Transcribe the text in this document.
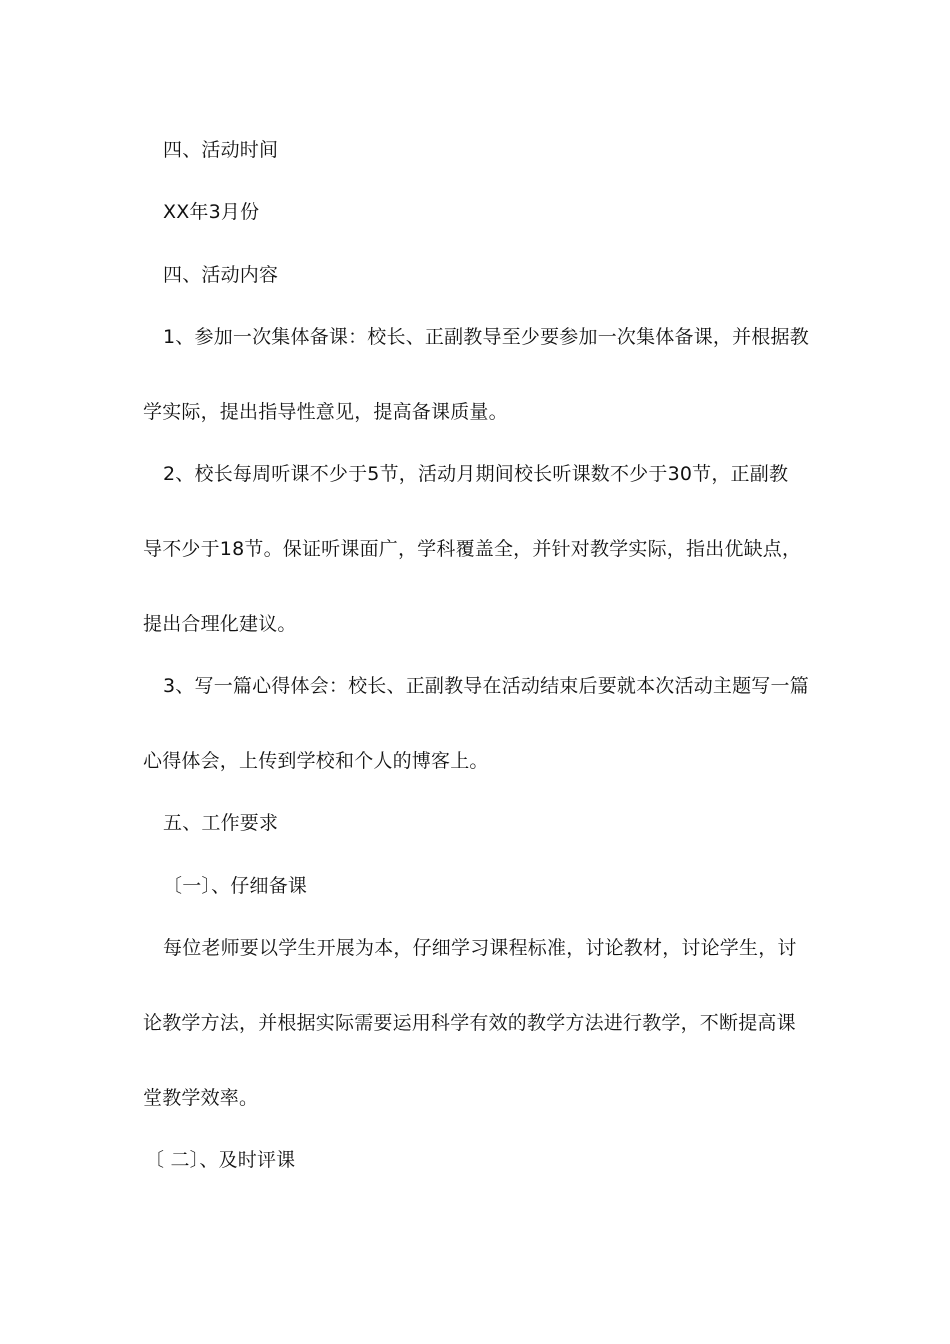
四、活动时间
XX年3月份
四、活动内容
1、参加一次集体备课：校长、正副教导至少要参加一次集体备课，并根据教
学实际，提出指导性意见，提高备课质量。
2、校长每周听课不少于5节，活动月期间校长听课数不少于30节，正副教
导不少于18节。保证听课面广，学科覆盖全，并针对教学实际，指出优缺点，
提出合理化建议。
3、写一篇心得体会：校长、正副教导在活动结束后要就本次活动主题写一篇
心得体会，上传到学校和个人的博客上。
五、工作要求
〔一〕、仔细备课
每位老师要以学生开展为本，仔细学习课程标准，讨论教材，讨论学生，讨
论教学方法，并根据实际需要运用科学有效的教学方法进行教学，不断提高课
堂教学效率。
〔 二〕、及时评课
